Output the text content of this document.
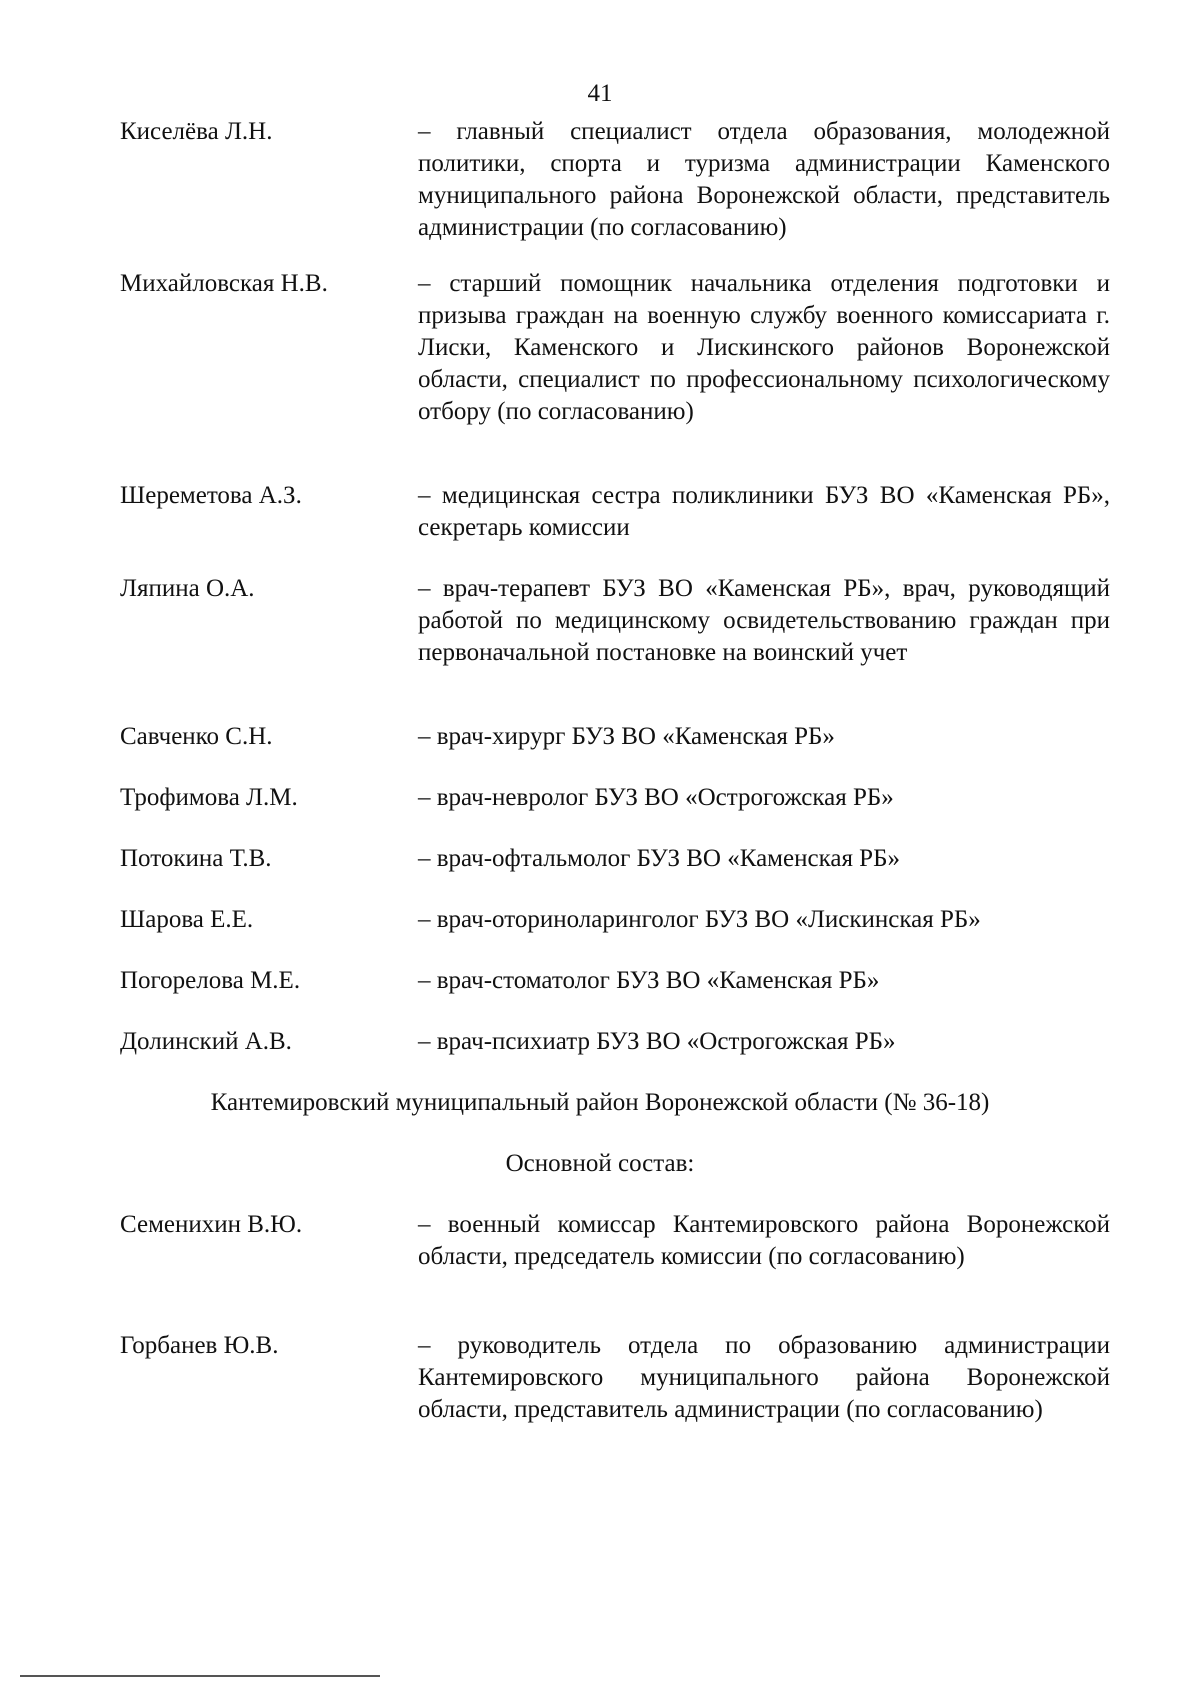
41
Киселёва Л.Н.	– главный специалист отдела образования, молодежной политики, спорта и туризма администрации Каменского муниципального района Воронежской области, представитель администрации (по согласованию)
Михайловская Н.В.	– старший помощник начальника отделения подготовки и призыва граждан на военную службу военного комиссариата г. Лиски, Каменского и Лискинского районов Воронежской области, специалист по профессиональному психологическому отбору (по согласованию)
Шереметова А.З.	– медицинская сестра поликлиники БУЗ ВО «Каменская РБ», секретарь комиссии
Ляпина О.А.	– врач-терапевт БУЗ ВО «Каменская РБ», врач, руководящий работой по медицинскому освидетельствованию граждан при первоначальной постановке на воинский учет
Савченко С.Н.	– врач-хирург БУЗ ВО «Каменская РБ»
Трофимова Л.М.	– врач-невролог БУЗ ВО «Острогожская РБ»
Потокина Т.В.	– врач-офтальмолог БУЗ ВО «Каменская РБ»
Шарова Е.Е.	– врач-оториноларинголог БУЗ ВО «Лискинская РБ»
Погорелова М.Е.	– врач-стоматолог БУЗ ВО «Каменская РБ»
Долинский А.В.	– врач-психиатр БУЗ ВО «Острогожская РБ»
Кантемировский муниципальный район Воронежской области (№ 36-18)
Основной состав:
Семенихин В.Ю.	– военный комиссар Кантемировского района Воронежской области, председатель комиссии (по согласованию)
Горбанев Ю.В.	– руководитель отдела по образованию администрации Кантемировского муниципального района Воронежской области, представитель администрации (по согласованию)
